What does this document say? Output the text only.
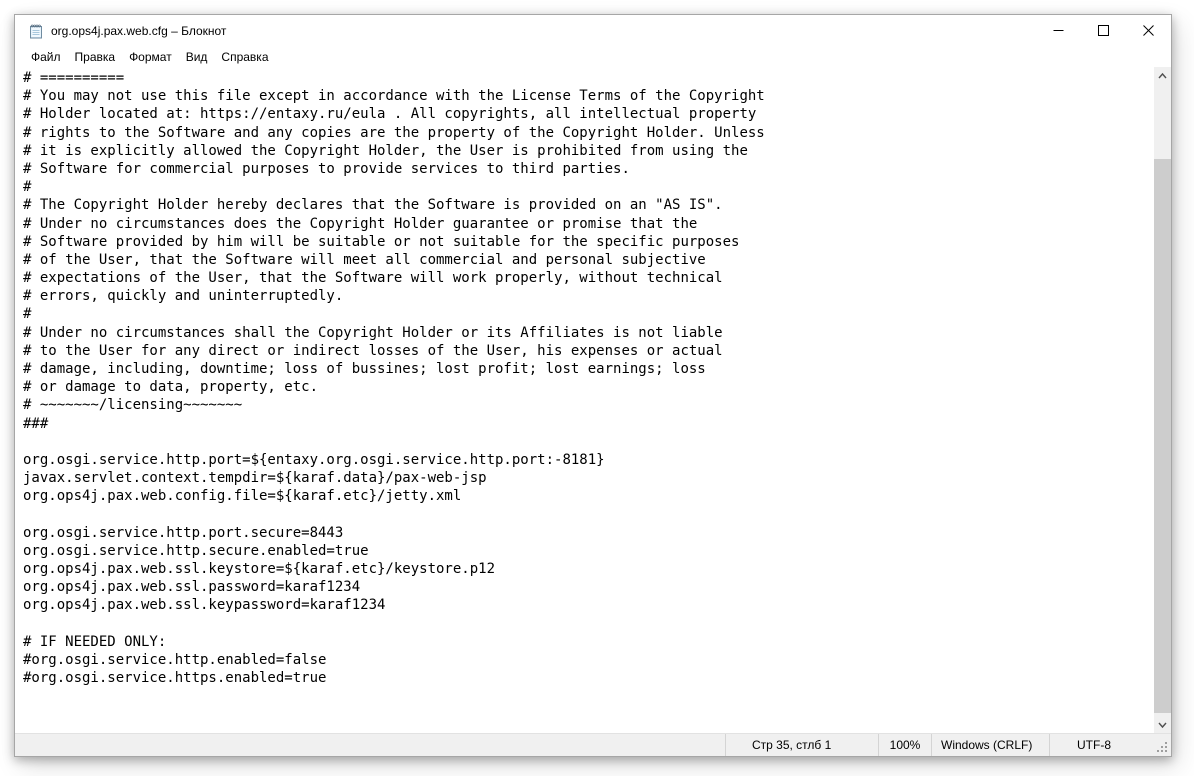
org.ops4j.pax.web.cfg – Блокнот
Файл	Правка	Формат	Вид	Справка
# ==========
# You may not use this file except in accordance with the License Terms of the Copyright
# Holder located at: https://entaxy.ru/eula . All copyrights, all intellectual property
# rights to the Software and any copies are the property of the Copyright Holder. Unless
# it is explicitly allowed the Copyright Holder, the User is prohibited from using the
# Software for commercial purposes to provide services to third parties.
#
# The Copyright Holder hereby declares that the Software is provided on an "AS IS".
# Under no circumstances does the Copyright Holder guarantee or promise that the
# Software provided by him will be suitable or not suitable for the specific purposes
# of the User, that the Software will meet all commercial and personal subjective
# expectations of the User, that the Software will work properly, without technical
# errors, quickly and uninterruptedly.
#
# Under no circumstances shall the Copyright Holder or its Affiliates is not liable
# to the User for any direct or indirect losses of the User, his expenses or actual
# damage, including, downtime; loss of bussines; lost profit; lost earnings; loss
# or damage to data, property, etc.
# ~~~~~~~/licensing~~~~~~~
###
org.osgi.service.http.port=${entaxy.org.osgi.service.http.port:-8181}
javax.servlet.context.tempdir=${karaf.data}/pax-web-jsp
org.ops4j.pax.web.config.file=${karaf.etc}/jetty.xml
org.osgi.service.http.port.secure=8443
org.osgi.service.http.secure.enabled=true
org.ops4j.pax.web.ssl.keystore=${karaf.etc}/keystore.p12
org.ops4j.pax.web.ssl.password=karaf1234
org.ops4j.pax.web.ssl.keypassword=karaf1234
# IF NEEDED ONLY:
#org.osgi.service.http.enabled=false
#org.osgi.service.https.enabled=true
Стр 35, стлб 1	100%	Windows (CRLF)	UTF-8
